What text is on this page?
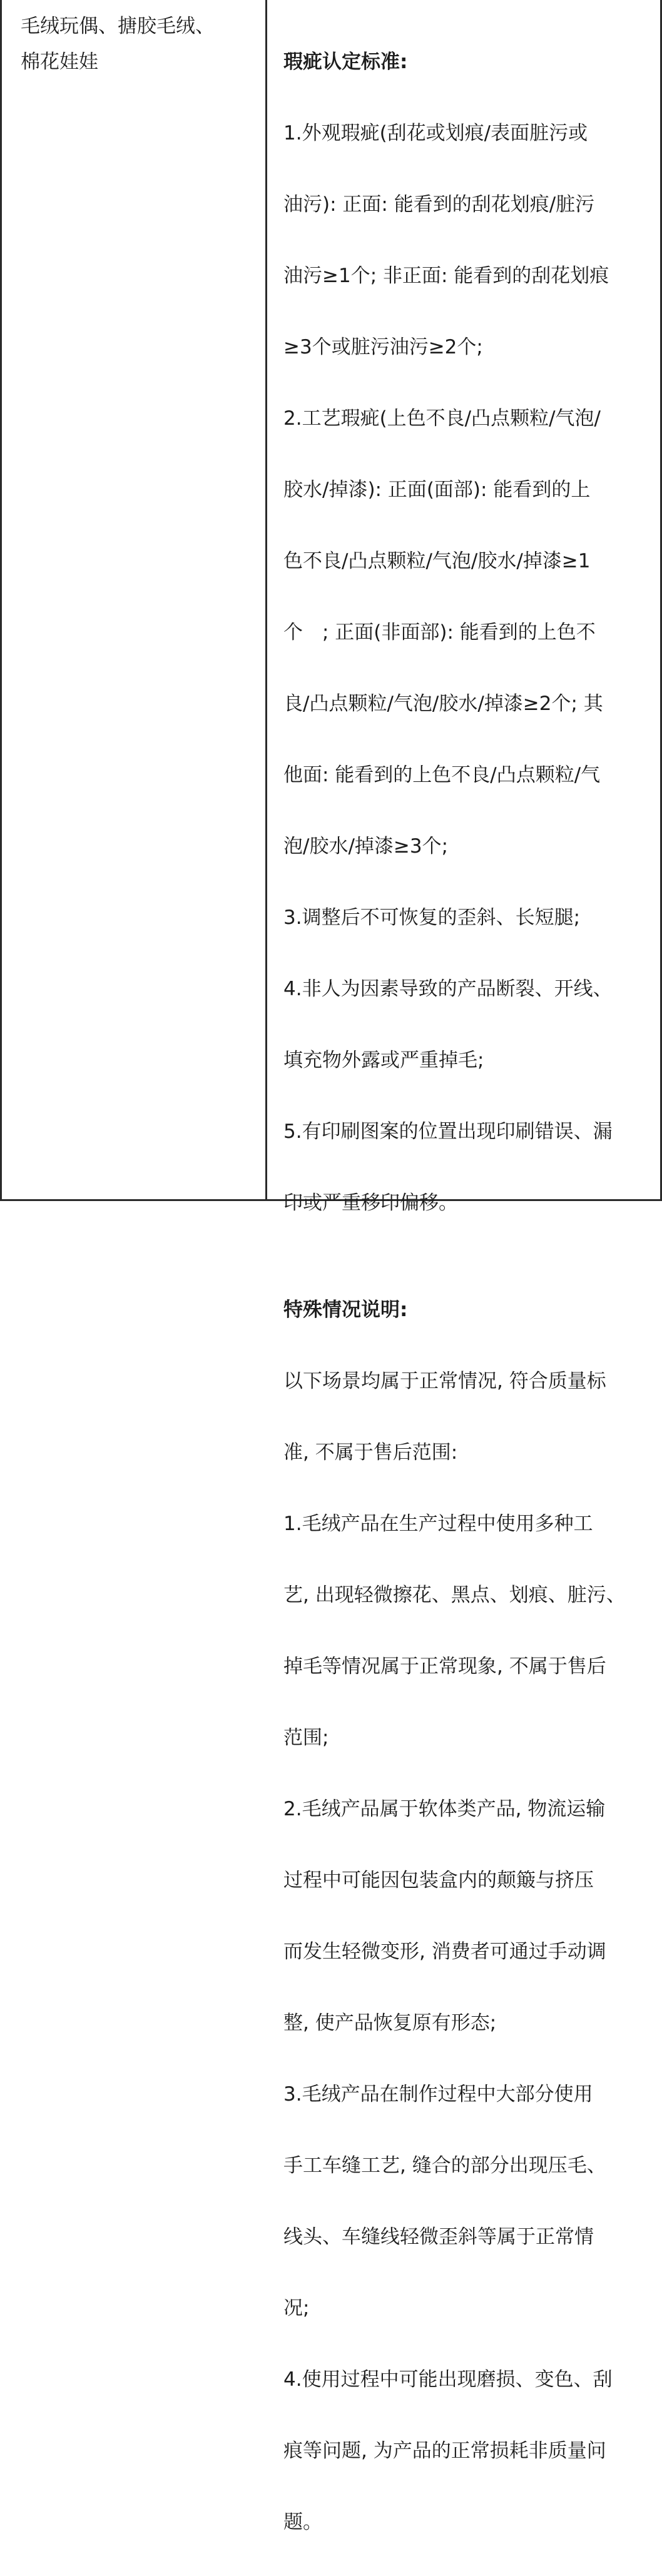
毛绒玩偶、搪胶毛绒、
棉花娃娃	瑕疵认定标准:

1.外观瑕疵(刮花或划痕/表面脏污或

油污): 正面: 能看到的刮花划痕/脏污

油污≥1个; 非正面: 能看到的刮花划痕

≥3个或脏污油污≥2个;

2.工艺瑕疵(上色不良/凸点颗粒/气泡/

胶水/掉漆): 正面(面部): 能看到的上

色不良/凸点颗粒/气泡/胶水/掉漆≥1

个　; 正面(非面部): 能看到的上色不

良/凸点颗粒/气泡/胶水/掉漆≥2个; 其

他面: 能看到的上色不良/凸点颗粒/气

泡/胶水/掉漆≥3个;

3.调整后不可恢复的歪斜、长短腿;

4.非人为因素导致的产品断裂、开线、

填充物外露或严重掉毛;

5.有印刷图案的位置出现印刷错误、漏

印或严重移印偏移。

特殊情况说明:

以下场景均属于正常情况, 符合质量标

准, 不属于售后范围:

1.毛绒产品在生产过程中使用多种工

艺, 出现轻微擦花、黑点、划痕、脏污、

掉毛等情况属于正常现象, 不属于售后

范围;

2.毛绒产品属于软体类产品, 物流运输

过程中可能因包装盒内的颠簸与挤压

而发生轻微变形, 消费者可通过手动调

整, 使产品恢复原有形态;

3.毛绒产品在制作过程中大部分使用

手工车缝工艺, 缝合的部分出现压毛、

线头、车缝线轻微歪斜等属于正常情

况;

4.使用过程中可能出现磨损、变色、刮

痕等问题, 为产品的正常损耗非质量问

题。
